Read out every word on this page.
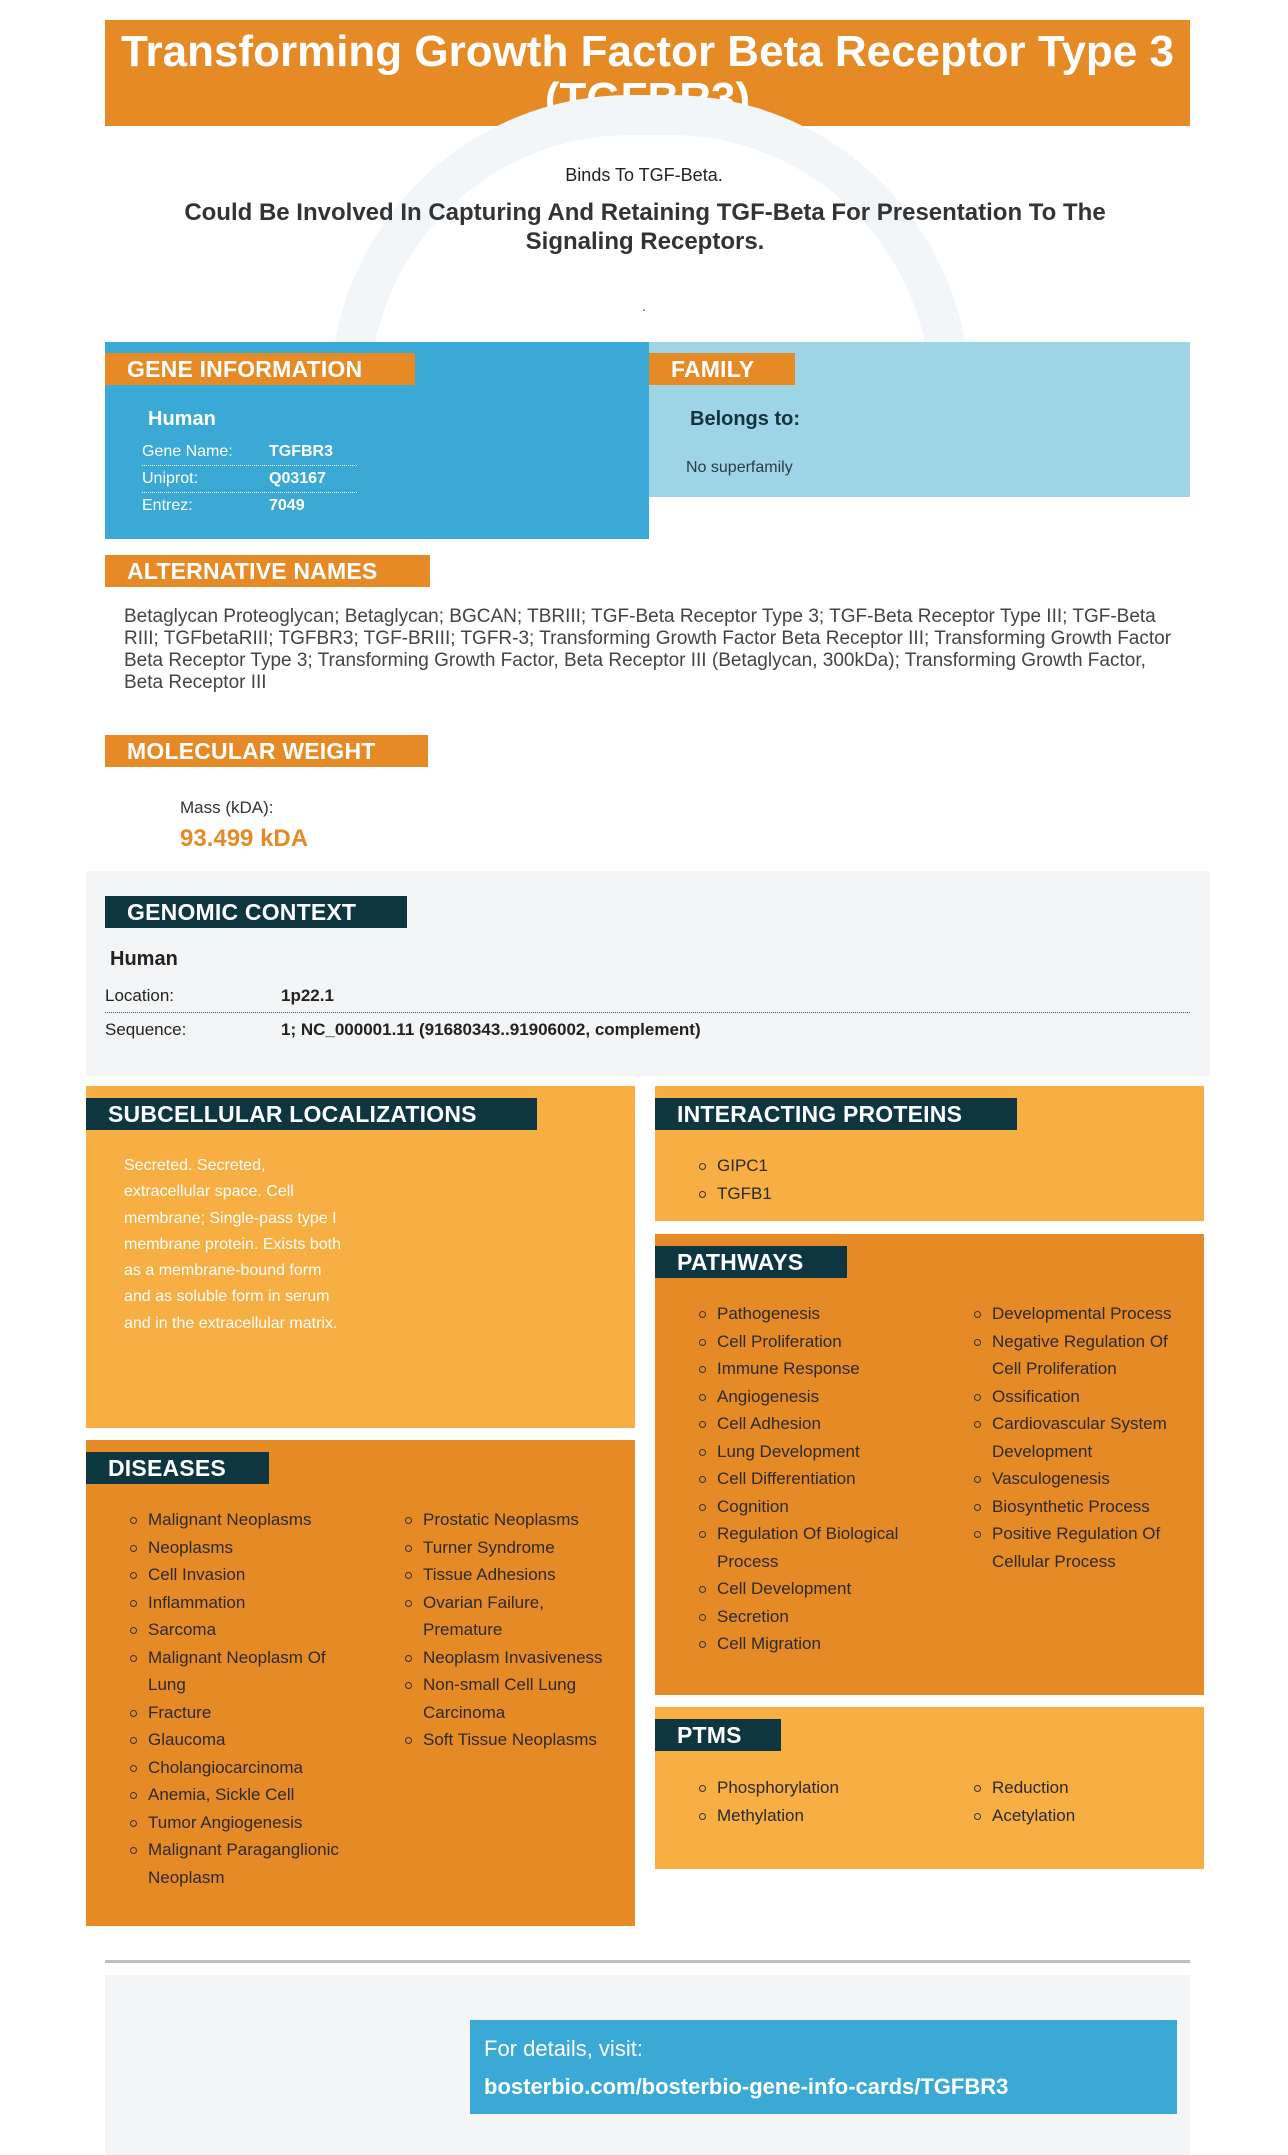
Transforming Growth Factor Beta Receptor Type 3 (TGFBR3)
Binds To TGF-Beta.
Could Be Involved In Capturing And Retaining TGF-Beta For Presentation To The Signaling Receptors.
.
GENE INFORMATION	FAMILY
Human
Gene Name: TGFBR3
Uniprot:	Q03167
Entrez:	7049
Belongs to:
No superfamily
ALTERNATIVE NAMES
Betaglycan Proteoglycan; Betaglycan; BGCAN; TBRIII; TGF-Beta Receptor Type 3; TGF-Beta Receptor Type III; TGF-Beta RIII; TGFbetaRIII; TGFBR3; TGF-BRIII; TGFR-3; Transforming Growth Factor Beta Receptor III; Transforming Growth Factor Beta Receptor Type 3; Transforming Growth Factor, Beta Receptor III (Betaglycan, 300kDa); Transforming Growth Factor, Beta Receptor III
MOLECULAR WEIGHT
Mass (kDA):
93.499 kDA
GENOMIC CONTEXT
Human
Location:	1p22.1
Sequence:	1; NC_000001.11 (91680343..91906002, complement)
SUBCELLULAR LOCALIZATIONS
Secreted. Secreted, extracellular space. Cell membrane; Single-pass type I membrane protein. Exists both as a membrane-bound form and as soluble form in serum and in the extracellular matrix.
INTERACTING PROTEINS
GIPC1
TGFB1
PATHWAYS
Pathogenesis
Cell Proliferation
Immune Response
Angiogenesis
Cell Adhesion
Lung Development
Cell Differentiation
Cognition
Regulation Of Biological Process
Cell Development
Secretion
Cell Migration
Developmental Process
Negative Regulation Of Cell Proliferation
Ossification
Cardiovascular System Development
Vasculogenesis
Biosynthetic Process
Positive Regulation Of Cellular Process
DISEASES
Malignant Neoplasms
Neoplasms
Cell Invasion
Inflammation
Sarcoma
Malignant Neoplasm Of Lung
Fracture
Glaucoma
Cholangiocarcinoma
Anemia, Sickle Cell
Tumor Angiogenesis
Malignant Paraganglionic Neoplasm
Prostatic Neoplasms
Turner Syndrome
Tissue Adhesions
Ovarian Failure, Premature
Neoplasm Invasiveness
Non-small Cell Lung Carcinoma
Soft Tissue Neoplasms	PTMS
Phosphorylation
Methylation
Reduction
Acetylation
For details, visit:
bosterbio.com/bosterbio-gene-info-cards/TGFBR3
